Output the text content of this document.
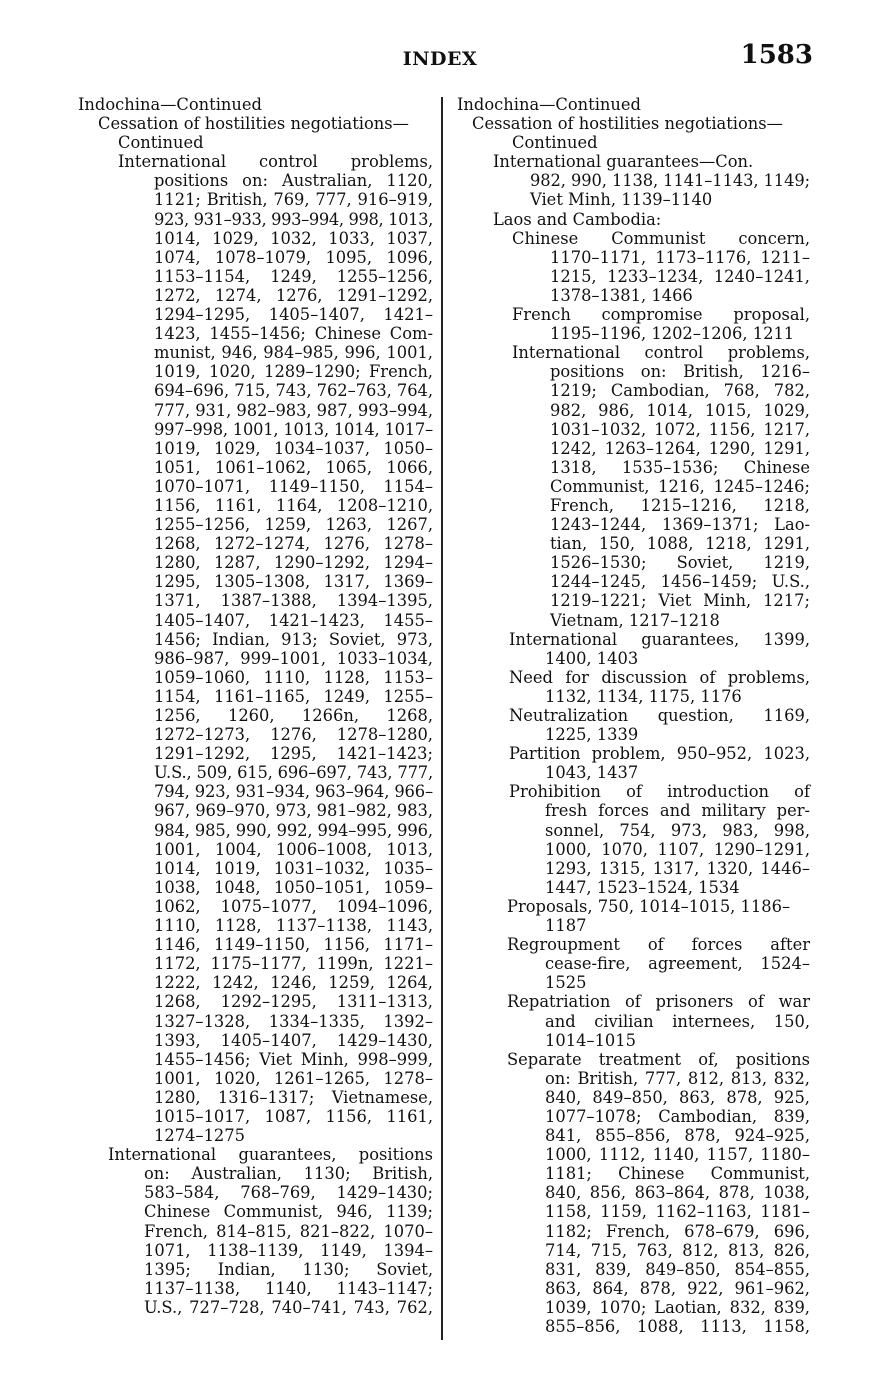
INDEX	1583
Indochina—Continued
Cessation of hostilities negotiations—
Continued
International control problems,
positions on: Australian, 1120,
1121; British, 769, 777, 916–919,
923, 931–933, 993–994, 998, 1013,
1014, 1029, 1032, 1033, 1037,
1074, 1078–1079, 1095, 1096,
1153–1154, 1249, 1255–1256,
1272, 1274, 1276, 1291–1292,
1294–1295, 1405–1407, 1421–
1423, 1455–1456; Chinese Com-
munist, 946, 984–985, 996, 1001,
1019, 1020, 1289–1290; French,
694–696, 715, 743, 762–763, 764,
777, 931, 982–983, 987, 993–994,
997–998, 1001, 1013, 1014, 1017–
1019, 1029, 1034–1037, 1050–
1051, 1061–1062, 1065, 1066,
1070–1071, 1149–1150, 1154–
1156, 1161, 1164, 1208–1210,
1255–1256, 1259, 1263, 1267,
1268, 1272–1274, 1276, 1278–
1280, 1287, 1290–1292, 1294–
1295, 1305–1308, 1317, 1369–
1371, 1387–1388, 1394–1395,
1405–1407, 1421–1423, 1455–
1456; Indian, 913; Soviet, 973,
986–987, 999–1001, 1033–1034,
1059–1060, 1110, 1128, 1153–
1154, 1161–1165, 1249, 1255–
1256, 1260, 1266n, 1268,
1272–1273, 1276, 1278–1280,
1291–1292, 1295, 1421–1423;
U.S., 509, 615, 696–697, 743, 777,
794, 923, 931–934, 963–964, 966–
967, 969–970, 973, 981–982, 983,
984, 985, 990, 992, 994–995, 996,
1001, 1004, 1006–1008, 1013,
1014, 1019, 1031–1032, 1035–
1038, 1048, 1050–1051, 1059–
1062, 1075–1077, 1094–1096,
1110, 1128, 1137–1138, 1143,
1146, 1149–1150, 1156, 1171–
1172, 1175–1177, 1199n, 1221–
1222, 1242, 1246, 1259, 1264,
1268, 1292–1295, 1311–1313,
1327–1328, 1334–1335, 1392–
1393, 1405–1407, 1429–1430,
1455–1456; Viet Minh, 998–999,
1001, 1020, 1261–1265, 1278–
1280, 1316–1317; Vietnamese,
1015–1017, 1087, 1156, 1161,
1274–1275
International guarantees, positions
on: Australian, 1130; British,
583–584, 768–769, 1429–1430;
Chinese Communist, 946, 1139;
French, 814–815, 821–822, 1070–
1071, 1138–1139, 1149, 1394–
1395; Indian, 1130; Soviet,
1137–1138, 1140, 1143–1147;
U.S., 727–728, 740–741, 743, 762,
Indochina—Continued
Cessation of hostilities negotiations—
Continued
International guarantees—Con.
982, 990, 1138, 1141–1143, 1149;
Viet Minh, 1139–1140
Laos and Cambodia:
Chinese Communist concern,
1170–1171, 1173–1176, 1211–
1215, 1233–1234, 1240–1241,
1378–1381, 1466
French compromise proposal,
1195–1196, 1202–1206, 1211
International control problems,
positions on: British, 1216–
1219; Cambodian, 768, 782,
982, 986, 1014, 1015, 1029,
1031–1032, 1072, 1156, 1217,
1242, 1263–1264, 1290, 1291,
1318, 1535–1536; Chinese
Communist, 1216, 1245–1246;
French, 1215–1216, 1218,
1243–1244, 1369–1371; Lao-
tian, 150, 1088, 1218, 1291,
1526–1530; Soviet, 1219,
1244–1245, 1456–1459; U.S.,
1219–1221; Viet Minh, 1217;
Vietnam, 1217–1218
International guarantees, 1399,
1400, 1403
Need for discussion of problems,
1132, 1134, 1175, 1176
Neutralization question, 1169,
1225, 1339
Partition problem, 950–952, 1023,
1043, 1437
Prohibition of introduction of
fresh forces and military per-
sonnel, 754, 973, 983, 998,
1000, 1070, 1107, 1290–1291,
1293, 1315, 1317, 1320, 1446–
1447, 1523–1524, 1534
Proposals, 750, 1014–1015, 1186–
1187
Regroupment of forces after
cease-fire, agreement, 1524–
1525
Repatriation of prisoners of war
and civilian internees, 150,
1014–1015
Separate treatment of, positions
on: British, 777, 812, 813, 832,
840, 849–850, 863, 878, 925,
1077–1078; Cambodian, 839,
841, 855–856, 878, 924–925,
1000, 1112, 1140, 1157, 1180–
1181; Chinese Communist,
840, 856, 863–864, 878, 1038,
1158, 1159, 1162–1163, 1181–
1182; French, 678–679, 696,
714, 715, 763, 812, 813, 826,
831, 839, 849–850, 854–855,
863, 864, 878, 922, 961–962,
1039, 1070; Laotian, 832, 839,
855–856, 1088, 1113, 1158,
